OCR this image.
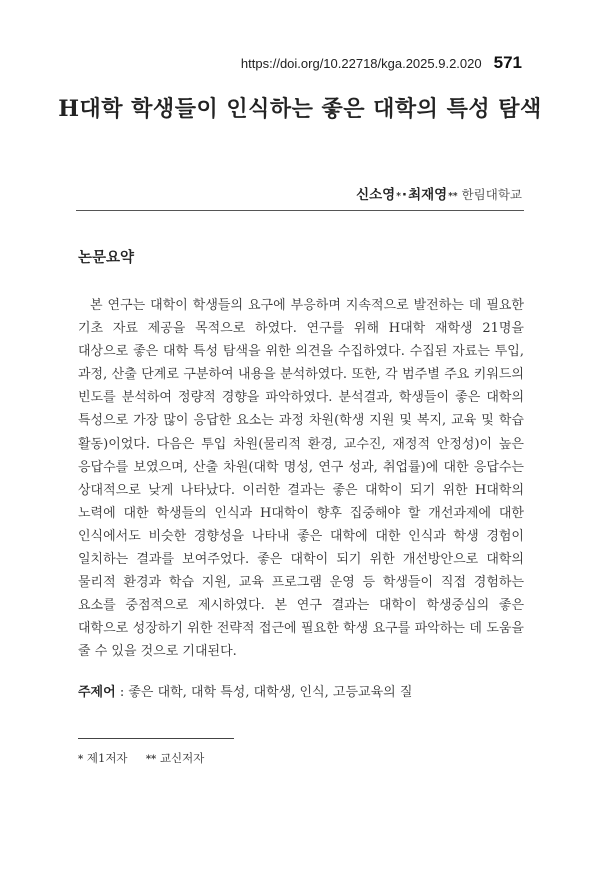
https://doi.org/10.22718/kga.2025.9.2.020 571
H대학 학생들이 인식하는 좋은 대학의 특성 탐색
신소영 * · 최재영 ** 한림대학교
논문요약

본 연구는 대학이 학생들의 요구에 부응하며 지속적으로 발전하는 데 필요한 기초 자료 제공을 목적으로 하였다. 연구를 위해 H대학 재학생 21명을 대상으로 좋은 대학 특성 탐색을 위한 의견을 수집하였다. 수집된 자료는 투입, 과정, 산출 단계로 구분하여 내용을 분석하였다. 또한, 각 범주별 주요 키워드의 빈도를 분석하여 정량적 경향을 파악하였다. 분석결과, 학생들이 좋은 대학의 특성으로 가장 많이 응답한 요소는 과정 차원(학생 지원 및 복지, 교육 및 학습 활동)이었다. 다음은 투입 차원(물리적 환경, 교수진, 재정적 안정성)이 높은 응답수를 보였으며, 산출 차원(대학 명성, 연구 성과, 취업률)에 대한 응답수는 상대적으로 낮게 나타났다. 이러한 결과는 좋은 대학이 되기 위한 H대학의 노력에 대한 학생들의 인식과 H대학이 향후 집중해야 할 개선과제에 대한 인식에서도 비슷한 경향성을 나타내 좋은 대학에 대한 인식과 학생 경험이 일치하는 결과를 보여주었다. 좋은 대학이 되기 위한 개선방안으로 대학의 물리적 환경과 학습 지원, 교육 프로그램 운영 등 학생들이 직접 경험하는 요소를 중점적으로 제시하였다. 본 연구 결과는 대학이 학생중심의 좋은 대학으로 성장하기 위한 전략적 접근에 필요한 학생 요구를 파악하는 데 도움을 줄 수 있을 것으로 기대된다.

주제어 : 좋은 대학, 대학 특성, 대학생, 인식, 고등교육의 질
* 제1저자 ** 교신저자
